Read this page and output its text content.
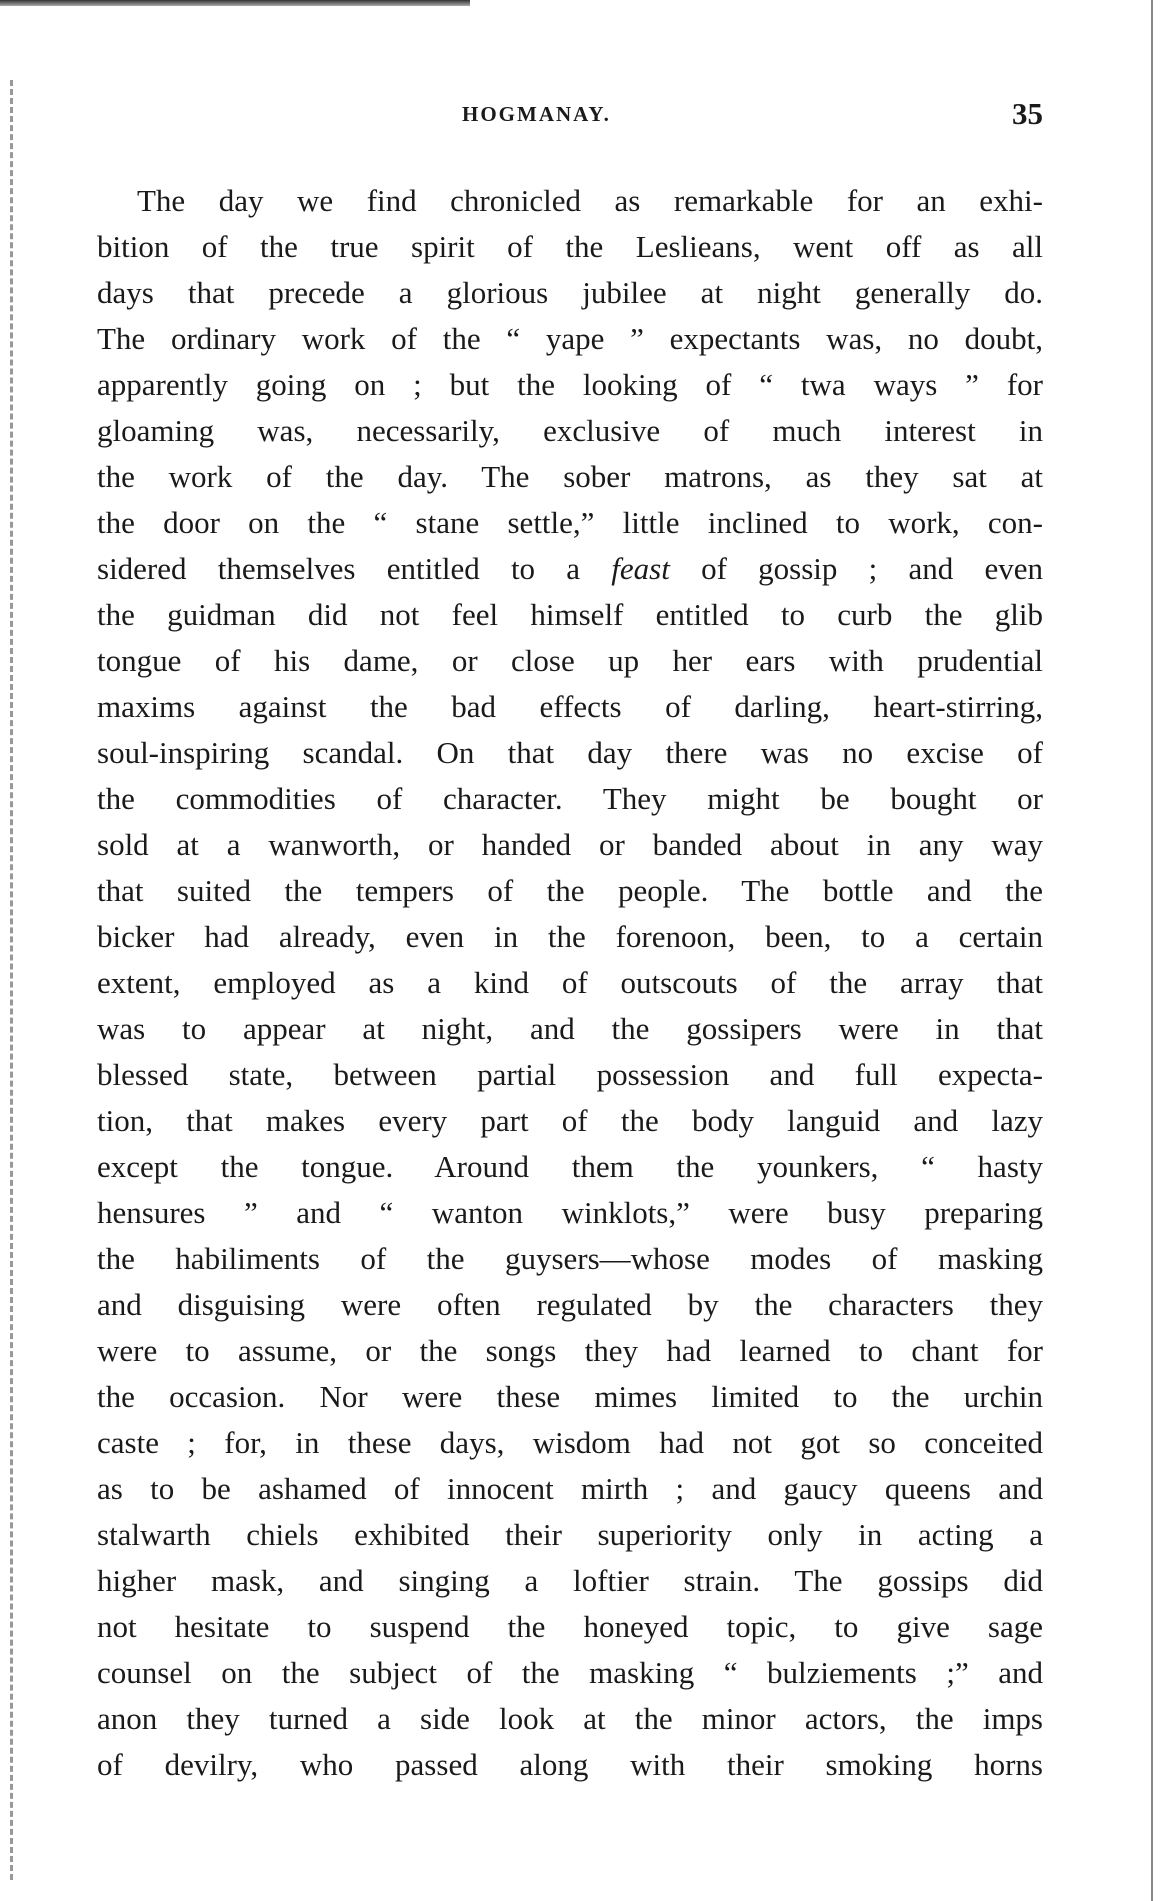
HOGMANAY.	35
The day we find chronicled as remarkable for an exhi-
bition of the true spirit of the Leslieans, went off as all
days that precede a glorious jubilee at night generally do.
The ordinary work of the “ yape ” expectants was, no doubt,
apparently going on ; but the looking of “ twa ways ” for
gloaming was, necessarily, exclusive of much interest in
the work of the day. The sober matrons, as they sat at
the door on the “ stane settle,” little inclined to work, con-
sidered themselves entitled to a feast of gossip ; and even
the guidman did not feel himself entitled to curb the glib
tongue of his dame, or close up her ears with prudential
maxims against the bad effects of darling, heart-stirring,
soul-inspiring scandal. On that day there was no excise of
the commodities of character. They might be bought or
sold at a wanworth, or handed or banded about in any way
that suited the tempers of the people. The bottle and the
bicker had already, even in the forenoon, been, to a certain
extent, employed as a kind of outscouts of the array that
was to appear at night, and the gossipers were in that
blessed state, between partial possession and full expecta-
tion, that makes every part of the body languid and lazy
except the tongue. Around them the younkers, “ hasty
hensures ” and “ wanton winklots,” were busy preparing
the habiliments of the guysers—whose modes of masking
and disguising were often regulated by the characters they
were to assume, or the songs they had learned to chant for
the occasion. Nor were these mimes limited to the urchin
caste ; for, in these days, wisdom had not got so conceited
as to be ashamed of innocent mirth ; and gaucy queens and
stalwarth chiels exhibited their superiority only in acting a
higher mask, and singing a loftier strain. The gossips did
not hesitate to suspend the honeyed topic, to give sage
counsel on the subject of the masking “ bulziements ;” and
anon they turned a side look at the minor actors, the imps
of devilry, who passed along with their smoking horns
